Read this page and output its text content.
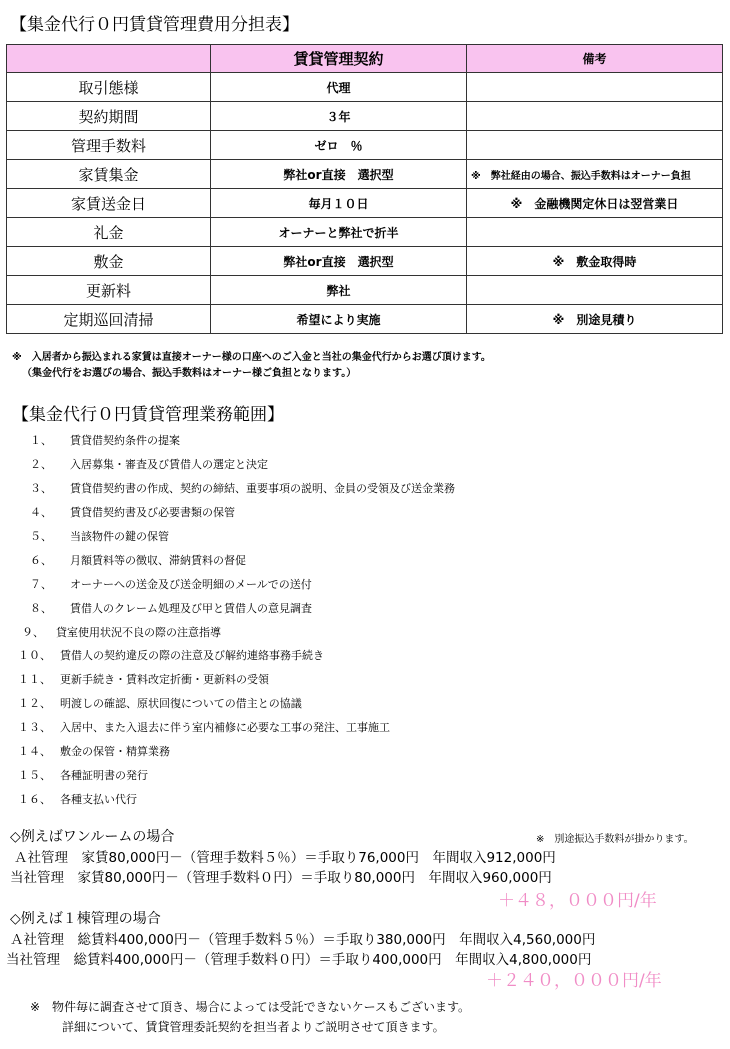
【集金代行０円賃貸管理費用分担表】
	賃貸管理契約	備考
取引態様	代理	
契約期間	３年	
管理手数料	ゼロ　％	
家賃集金	弊社or直接　選択型	※　弊社経由の場合、振込手数料はオーナー負担
家賃送金日	毎月１０日	※　金融機関定休日は翌営業日
礼金	オーナーと弊社で折半	
敷金	弊社or直接　選択型	※　敷金取得時
更新料	弊社	
定期巡回清掃	希望により実施	※　別途見積り
※　入居者から振込まれる家賃は直接オーナー様の口座へのご入金と当社の集金代行からお選び頂けます。
（集金代行をお選びの場合、振込手数料はオーナー様ご負担となります。）
【集金代行０円賃貸管理業務範囲】
１、 賃貸借契約条件の提案
２、 入居募集・審査及び賃借人の選定と決定
３、 賃貸借契約書の作成、契約の締結、重要事項の説明、金員の受領及び送金業務
４、 賃貸借契約書及び必要書類の保管
５、 当該物件の鍵の保管
６、 月額賃料等の徴収、滞納賃料の督促
７、 オーナーへの送金及び送金明細のメールでの送付
８、 賃借人のクレーム処理及び甲と賃借人の意見調査
９、 貸室使用状況不良の際の注意指導
１０、 賃借人の契約違反の際の注意及び解約連絡事務手続き
１１、 更新手続き・賃料改定折衝・更新料の受領
１２、 明渡しの確認、原状回復についての借主との協議
１３、 入居中、また入退去に伴う室内補修に必要な工事の発注、工事施工
１４、 敷金の保管・精算業務
１５、 各種証明書の発行
１６、 各種支払い代行
◇例えばワンルームの場合	※　別途振込手数料が掛かります。
Ａ社管理　家賃80,000円－（管理手数料５％）＝手取り76,000円　年間収入912,000円
当社管理　家賃80,000円－（管理手数料０円）＝手取り80,000円　年間収入960,000円
＋４８，０００円/年
◇例えば１棟管理の場合
Ａ社管理　総賃料400,000円－（管理手数料５％）＝手取り380,000円　年間収入4,560,000円
当社管理　総賃料400,000円－（管理手数料０円）＝手取り400,000円　年間収入4,800,000円
＋２４０，０００円/年
※　物件毎に調査させて頂き、場合によっては受託できないケースもございます。
詳細について、賃貸管理委託契約を担当者よりご説明させて頂きます。
